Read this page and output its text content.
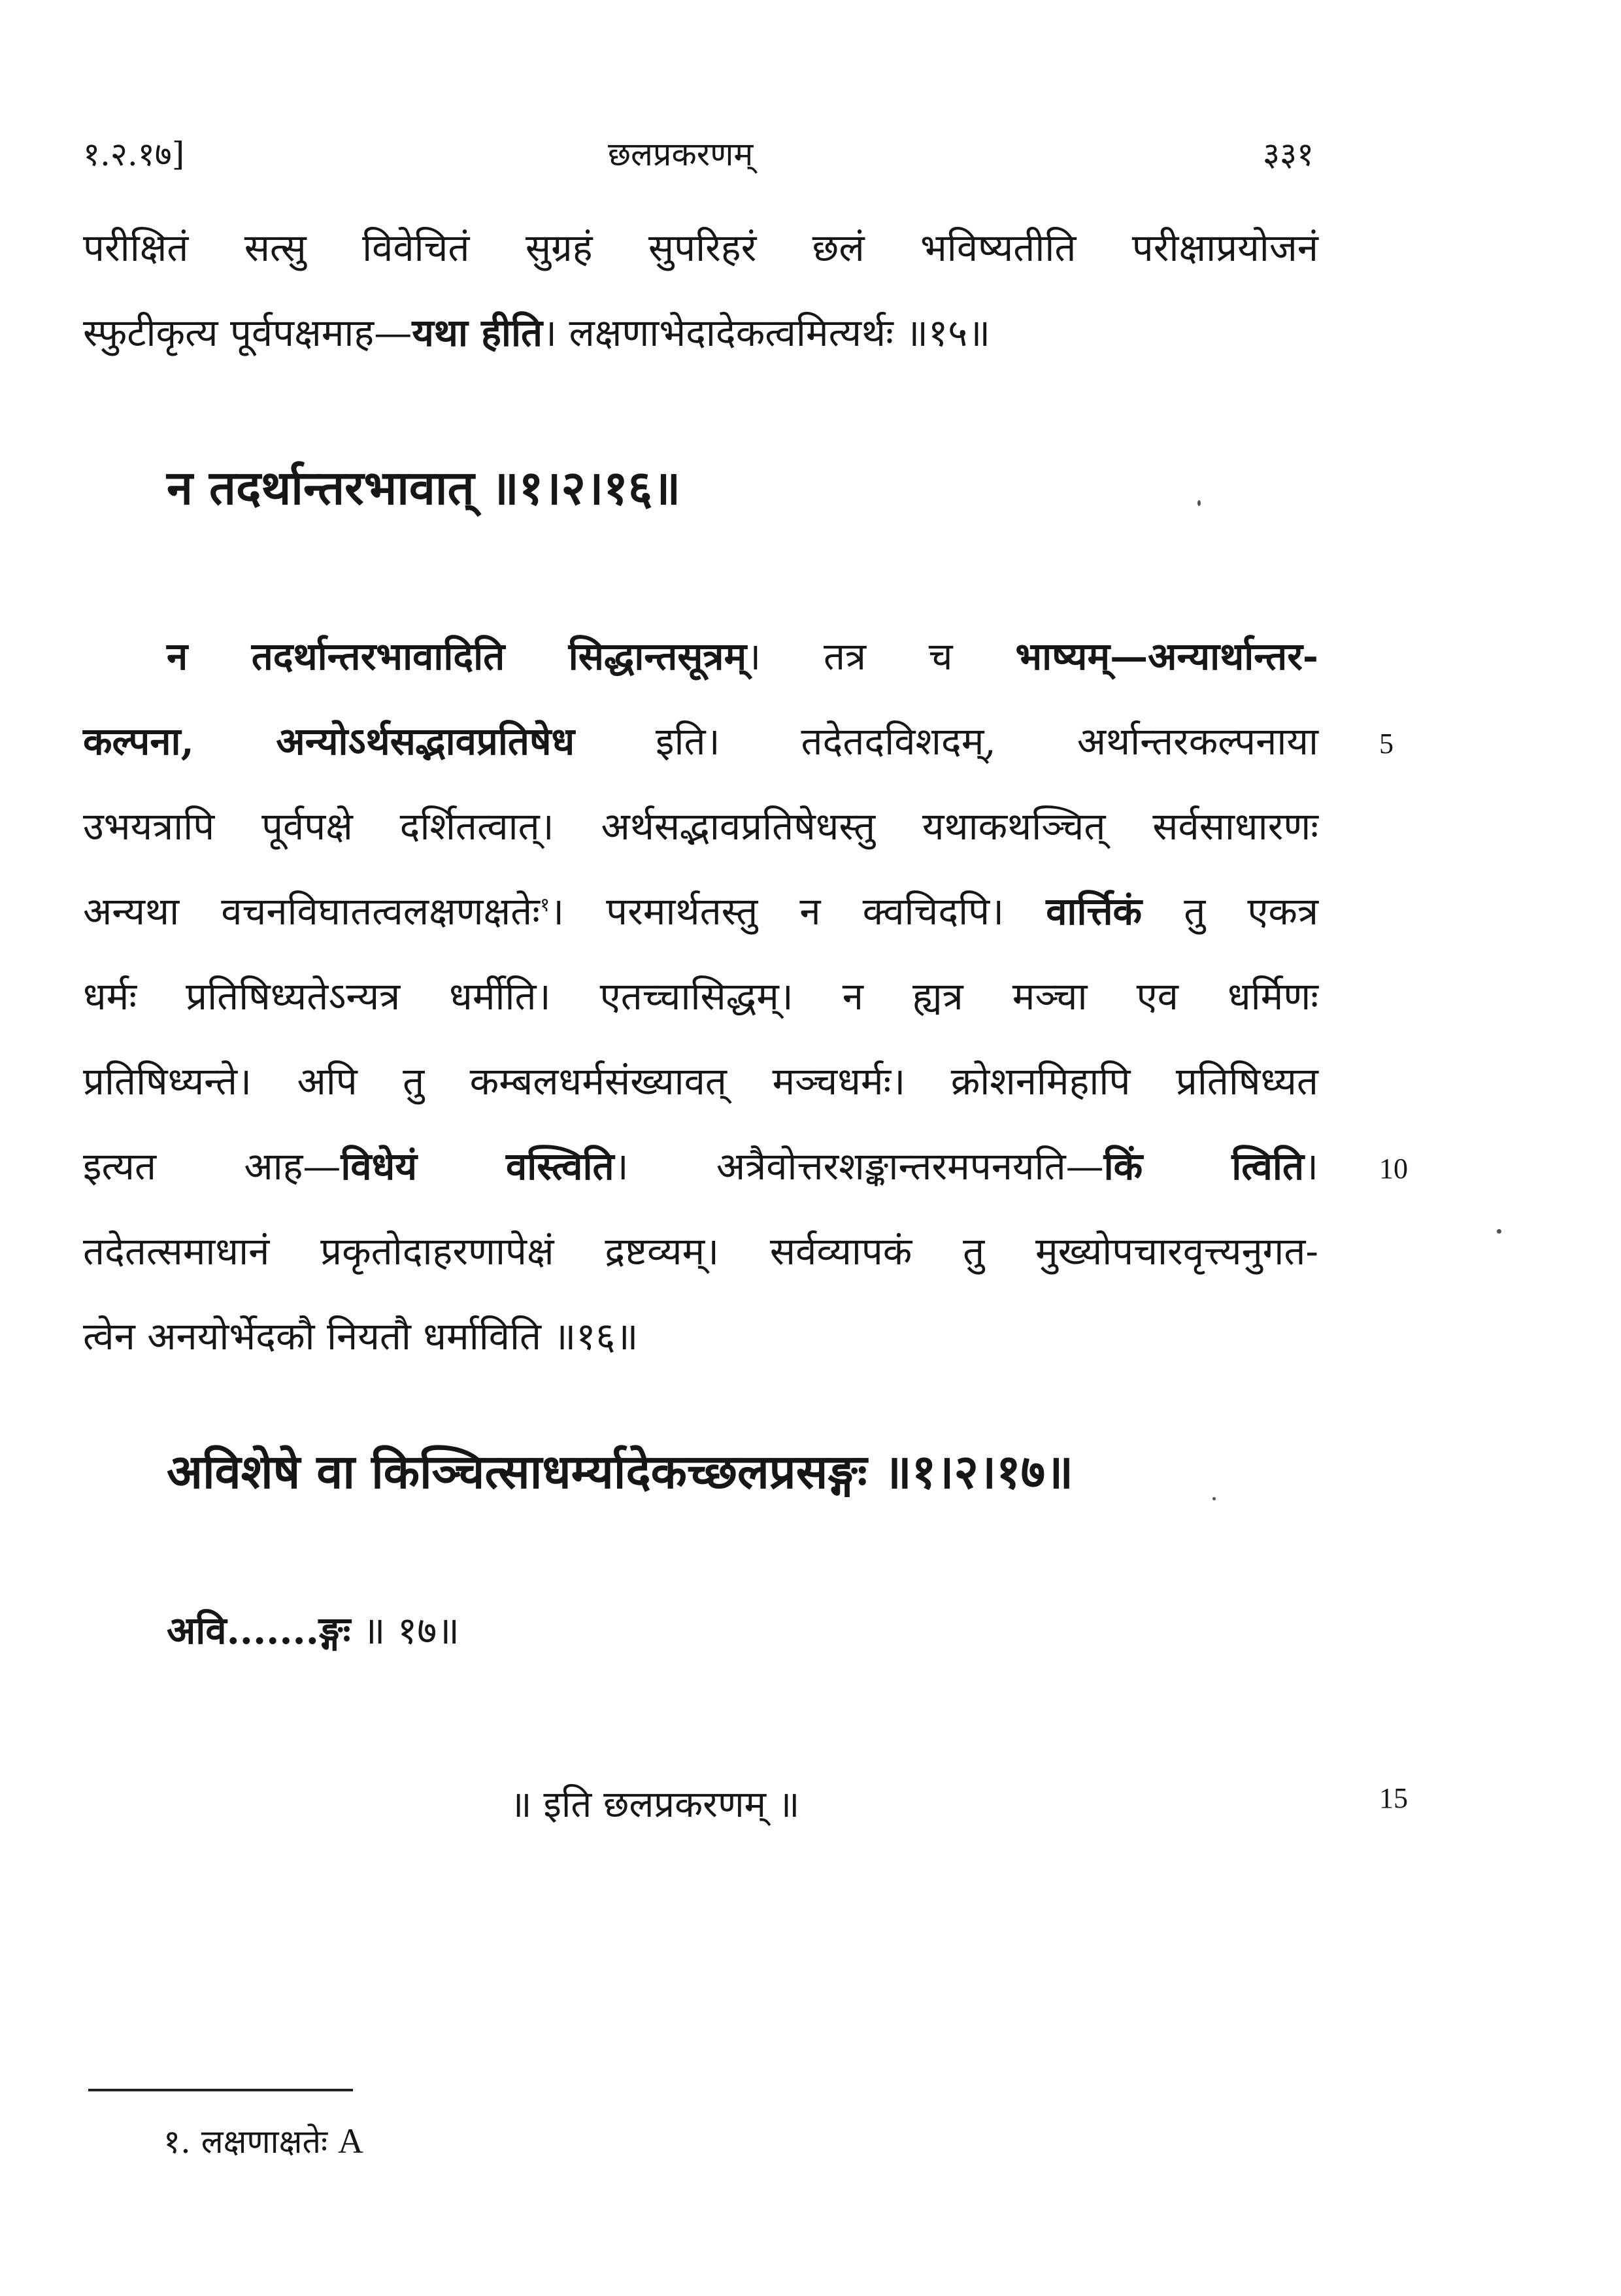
१.२.१७]	छलप्रकरणम्	३३१
परीक्षितं सत्सु विवेचितं सुग्रहं सुपरिहरं छलं भविष्यतीति परीक्षाप्रयोजनं
स्फुटीकृत्य पूर्वपक्षमाह—यथा हीति। लक्षणाभेदादेकत्वमित्यर्थः ॥१५॥
न तदर्थान्तरभावात् ॥१।२।१६॥
न तदर्थान्तरभावादिति सिद्धान्तसूत्रम्। तत्र च भाष्यम्—अन्यार्थान्तर-
कल्पना, अन्योऽर्थसद्भावप्रतिषेध इति। तदेतदविशदम्, अर्थान्तरकल्पनाया
उभयत्रापि पूर्वपक्षे दर्शितत्वात्। अर्थसद्भावप्रतिषेधस्तु यथाकथञ्चित् सर्वसाधारणः
अन्यथा वचनविघातत्वलक्षणक्षतेः$^१$। परमार्थतस्तु न क्वचिदपि। वार्त्तिकं तु एकत्र
धर्मः प्रतिषिध्यतेऽन्यत्र धर्मीति। एतच्चासिद्धम्। न ह्यत्र मञ्चा एव धर्मिणः
प्रतिषिध्यन्ते। अपि तु कम्बलधर्मसंख्यावत् मञ्चधर्मः। क्रोशनमिहापि प्रतिषिध्यत
इत्यत आह—विधेयं वस्त्विति। अत्रैवोत्तरशङ्कान्तरमपनयति—किं त्विति।
तदेतत्समाधानं प्रकृतोदाहरणापेक्षं द्रष्टव्यम्। सर्वव्यापकं तु मुख्योपचारवृत्त्यनुगत-
त्वेन अनयोर्भेदकौ नियतौ धर्माविति ॥१६॥
अविशेषे वा किञ्चित्साधर्म्यादेकच्छलप्रसङ्गः ॥१।२।१७॥
अवि.......ङ्गः ॥ १७॥
॥ इति छलप्रकरणम् ॥
5
10
15
१. लक्षणाक्षतेः A
